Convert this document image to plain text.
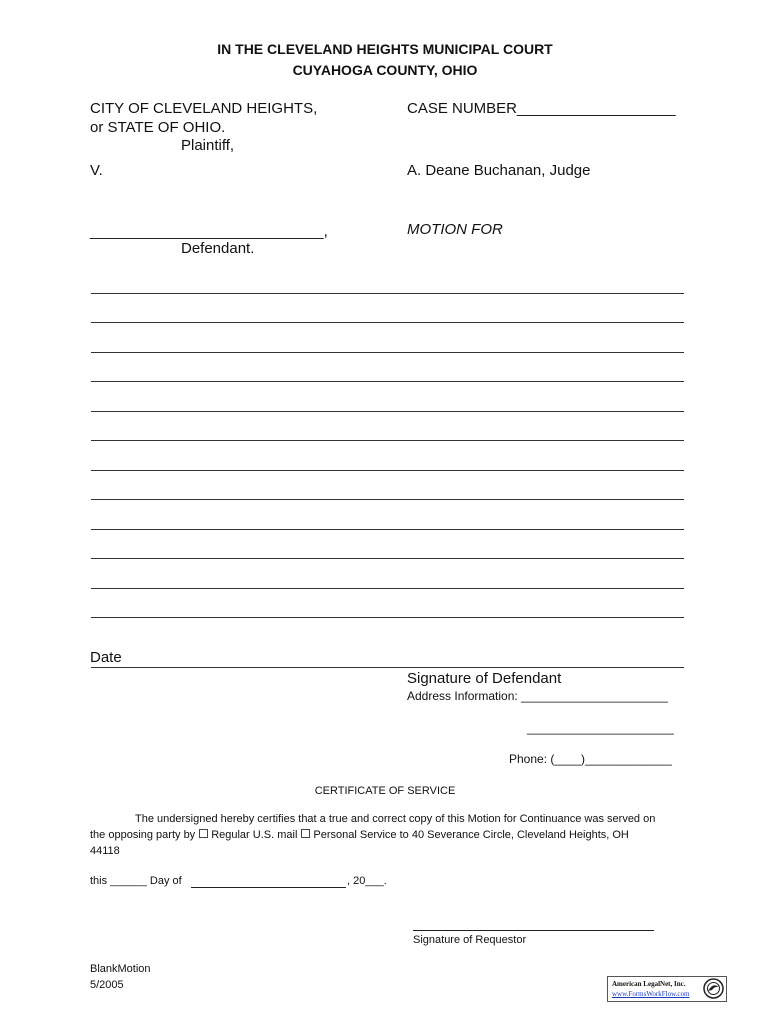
IN THE CLEVELAND HEIGHTS MUNICIPAL COURT
CUYAHOGA COUNTY, OHIO
CITY OF CLEVELAND HEIGHTS,
or STATE OF OHIO.
Plaintiff,
V.
____________________________,
Defendant.
CASE NUMBER___________________
A. Deane Buchanan, Judge
MOTION FOR
Date
Signature of Defendant
Address Information: ______________________
______________________
Phone: (____)_____________
CERTIFICATE OF SERVICE
The undersigned hereby certifies that a true and correct copy of this Motion for Continuance was served on
the opposing party by Regular U.S. mail Personal Service to 40 Severance Circle, Cleveland Heights, OH
44118
this ______ Day of	, 20___.
Signature of Requestor
BlankMotion
5/2005	American LegalNet, Inc.
www.FormsWorkFlow.com
